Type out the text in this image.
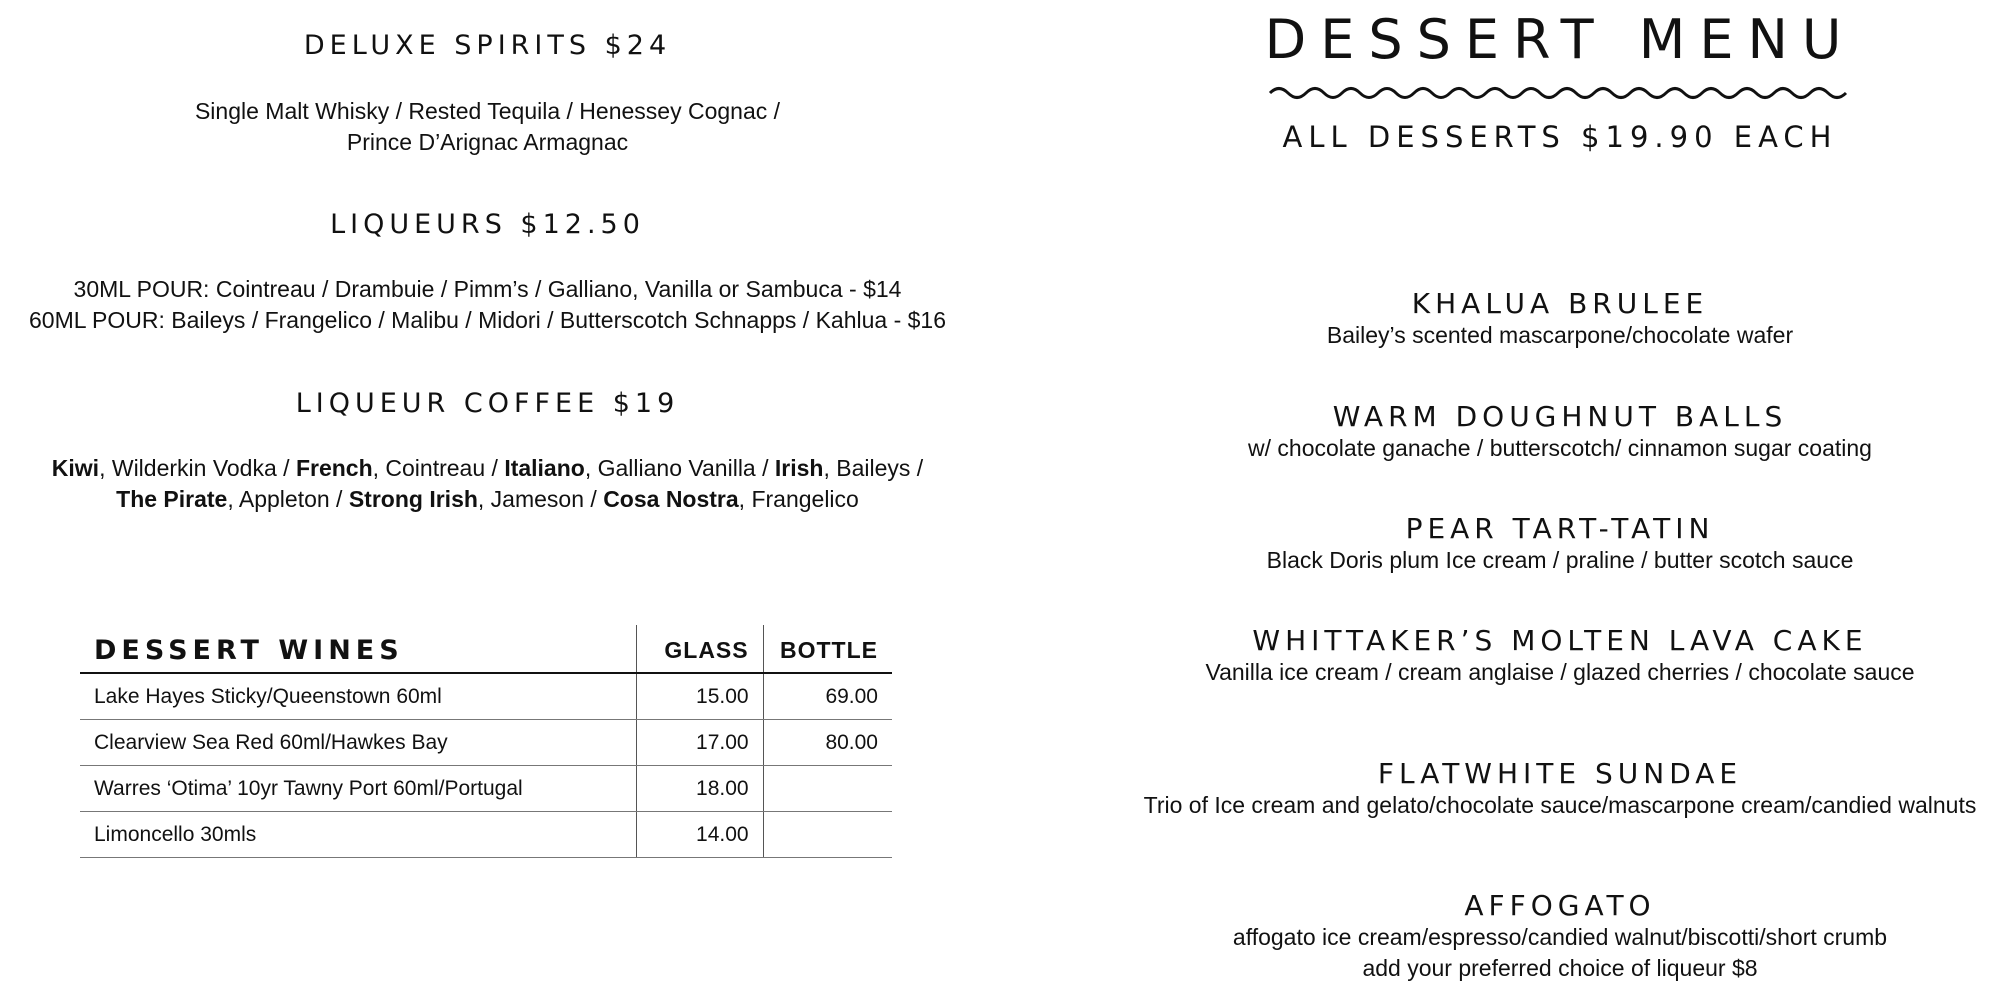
DELUXE SPIRITS $24
Single Malt Whisky / Rested Tequila / Henessey Cognac /
Prince D’Arignac Armagnac
LIQUEURS $12.50
30ML POUR: Cointreau / Drambuie / Pimm’s / Galliano, Vanilla or Sambuca - $14
60ML POUR: Baileys / Frangelico / Malibu / Midori / Butterscotch Schnapps / Kahlua - $16
LIQUEUR COFFEE $19
Kiwi, Wilderkin Vodka / French, Cointreau / Italiano, Galliano Vanilla / Irish, Baileys /
The Pirate, Appleton / Strong Irish, Jameson / Cosa Nostra, Frangelico
DESSERT WINES	GLASS	BOTTLE
Lake Hayes Sticky/Queenstown 60ml	15.00	69.00
Clearview Sea Red 60ml/Hawkes Bay	17.00	80.00
Warres ‘Otima’ 10yr Tawny Port 60ml/Portugal	18.00	
Limoncello 30mls	14.00	
DESSERT MENU
ALL DESSERTS $19.90 EACH
KHALUA BRULEE
Bailey’s scented mascarpone/chocolate wafer
WARM DOUGHNUT BALLS
w/ chocolate ganache / butterscotch/ cinnamon sugar coating
PEAR TART-TATIN
Black Doris plum Ice cream / praline / butter scotch sauce
WHITTAKER’S MOLTEN LAVA CAKE
Vanilla ice cream / cream anglaise / glazed cherries / chocolate sauce
FLATWHITE SUNDAE
Trio of Ice cream and gelato/chocolate sauce/mascarpone cream/candied walnuts
AFFOGATO
affogato ice cream/espresso/candied walnut/biscotti/short crumb
add your preferred choice of liqueur $8
